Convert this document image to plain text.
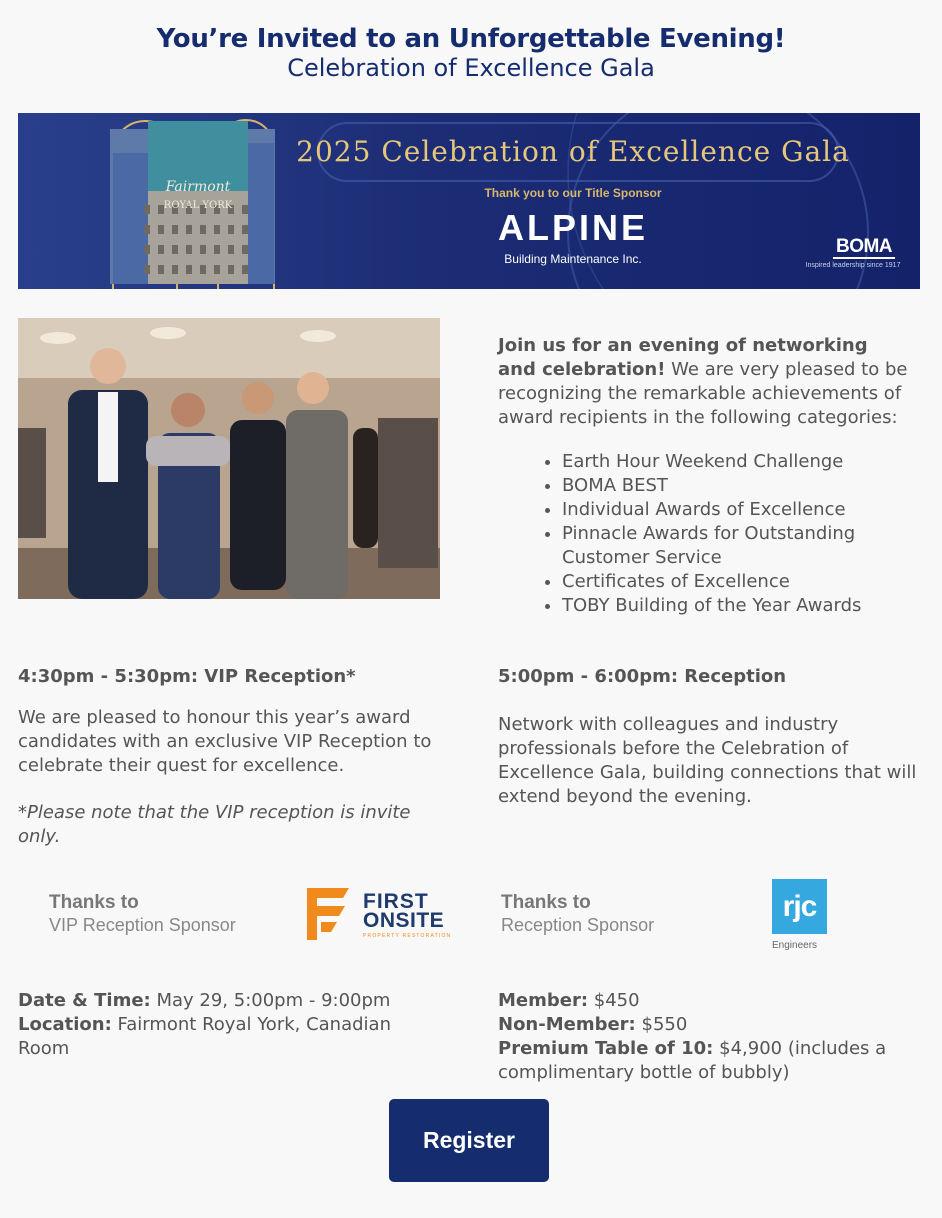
You’re Invited to an Unforgettable Evening!
Celebration of Excellence Gala
Fairmont
ROYAL YORK
2025 Celebration of Excellence Gala
Thank you to our Title Sponsor
ALPINE
Building Maintenance Inc.
BOMA
Inspired leadership since 1917
Join us for an evening of networking and celebration! We are very pleased to be recognizing the remarkable achievements of award recipients in the following categories:
• Earth Hour Weekend Challenge
• BOMA BEST
• Individual Awards of Excellence
• Pinnacle Awards for Outstanding Customer Service
• Certificates of Excellence
• TOBY Building of the Year Awards
4:30pm - 5:30pm: VIP Reception*
We are pleased to honour this year’s award candidates with an exclusive VIP Reception to celebrate their quest for excellence.
*Please note that the VIP reception is invite only.
5:00pm - 6:00pm: Reception
Network with colleagues and industry professionals before the Celebration of Excellence Gala, building connections that will extend beyond the evening.
Thanks to
VIP Reception Sponsor
FIRST
ONSITE
PROPERTY RESTORATION
Thanks to
Reception Sponsor
rjc
Engineers
Date & Time: May 29, 5:00pm - 9:00pm
Location: Fairmont Royal York, Canadian Room
Member: $450
Non-Member: $550
Premium Table of 10: $4,900 (includes a complimentary bottle of bubbly)
Register
